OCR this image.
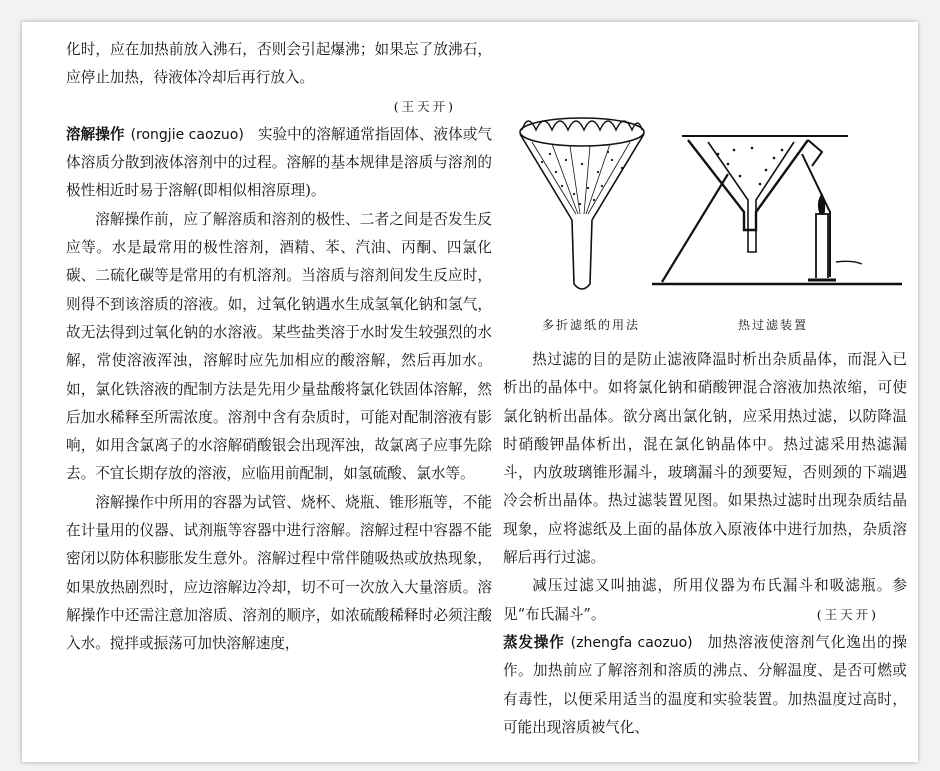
化时，应在加热前放入沸石，否则会引起爆沸；如果忘了放沸石，应停止加热，待液体冷却后再行放入。

(王天开)

溶解操作 (rongjie caozuo) 实验中的溶解通常指固体、液体或气体溶质分散到液体溶剂中的过程。溶解的基本规律是溶质与溶剂的极性相近时易于溶解(即相似相溶原理)。

溶解操作前，应了解溶质和溶剂的极性、二者之间是否发生反应等。水是最常用的极性溶剂，酒精、苯、汽油、丙酮、四氯化碳、二硫化碳等是常用的有机溶剂。当溶质与溶剂间发生反应时，则得不到该溶质的溶液。如，过氧化钠遇水生成氢氧化钠和氢气，故无法得到过氧化钠的水溶液。某些盐类溶于水时发生较强烈的水解，常使溶液浑浊，溶解时应先加相应的酸溶解，然后再加水。如，氯化铁溶液的配制方法是先用少量盐酸将氯化铁固体溶解，然后加水稀释至所需浓度。溶剂中含有杂质时，可能对配制溶液有影响，如用含氯离子的水溶解硝酸银会出现浑浊，故氯离子应事先除去。不宜长期存放的溶液，应临用前配制，如氢硫酸、氯水等。

溶解操作中所用的容器为试管、烧杯、烧瓶、锥形瓶等，不能在计量用的仪器、试剂瓶等容器中进行溶解。溶解过程中容器不能密闭以防体积膨胀发生意外。溶解过程中常伴随吸热或放热现象，如果放热剧烈时，应边溶解边冷却，切不可一次放入大量溶质。溶解操作中还需注意加溶质、溶剂的顺序，如浓硫酸稀释时必须注酸入水。搅拌或振荡可加快溶解速度，

多折滤纸的用法	热过滤装置

热过滤的目的是防止滤液降温时析出杂质晶体，而混入已析出的晶体中。如将氯化钠和硝酸钾混合溶液加热浓缩，可使氯化钠析出晶体。欲分离出氯化钠，应采用热过滤，以防降温时硝酸钾晶体析出，混在氯化钠晶体中。热过滤采用热滤漏斗，内放玻璃锥形漏斗，玻璃漏斗的颈要短，否则颈的下端遇冷会析出晶体。热过滤装置见图。如果热过滤时出现杂质结晶现象，应将滤纸及上面的晶体放入原液体中进行加热，杂质溶解后再行过滤。

减压过滤又叫抽滤，所用仪器为布氏漏斗和吸滤瓶。参见“布氏漏斗”。	(王天开)

蒸发操作 (zhengfa caozuo) 加热溶液使溶剂气化逸出的操作。加热前应了解溶剂和溶质的沸点、分解温度、是否可燃或有毒性，以便采用适当的温度和实验装置。加热温度过高时，可能出现溶质被气化、
